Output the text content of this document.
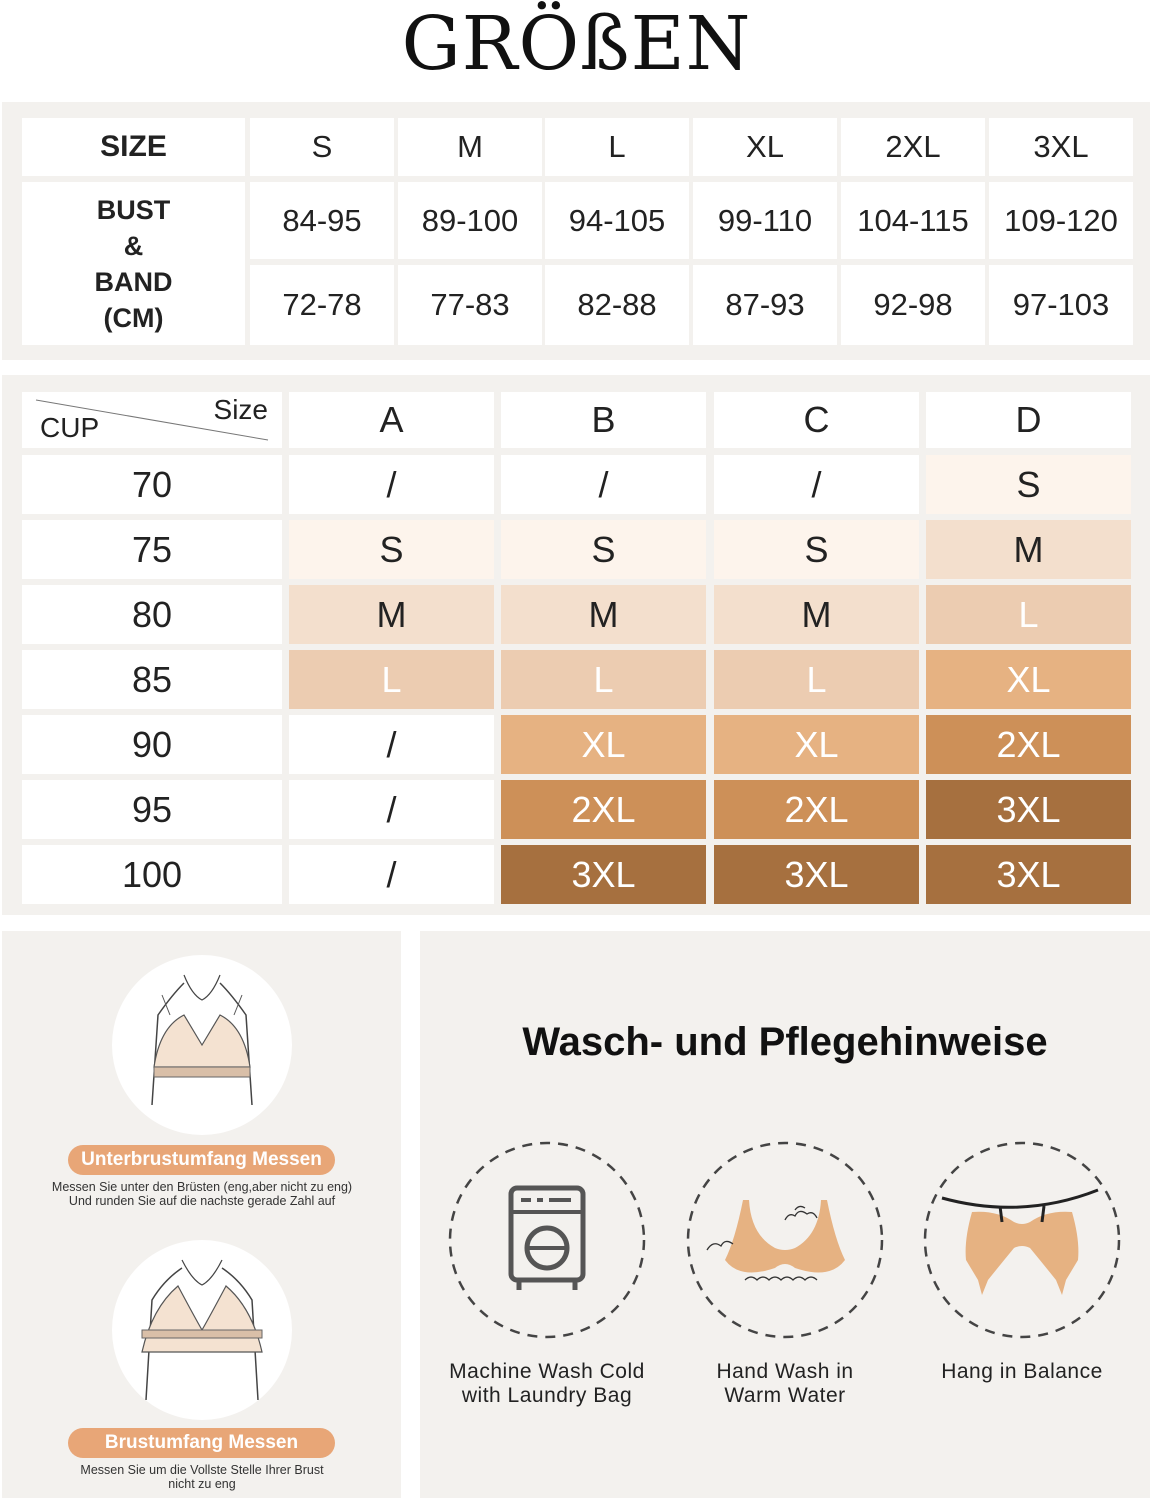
GRÖßEN
SIZE	S	M	L	XL	2XL	3XL
BUST
&
BAND
(CM)
84-95	89-100	94-105	99-110	104-115	109-120
72-78	77-83	82-88	87-93	92-98	97-103
Size
CUP	A	B	C	D
70	/	/	/	S
75	S	S	S	M
80	M	M	M	L
85	L	L	L	XL
90	/	XL	XL	2XL
95	/	2XL	2XL	3XL
100	/	3XL	3XL	3XL
Unterbrustumfang Messen
Messen Sie unter den Brüsten (eng,aber nicht zu eng)
Und runden Sie auf die nachste gerade Zahl auf
Brustumfang Messen
Messen Sie um die Vollste Stelle Ihrer Brust
nicht zu eng
Wasch- und Pflegehinweise
Machine Wash Cold
with Laundry Bag
Hand Wash in
Warm Water
Hang in Balance
